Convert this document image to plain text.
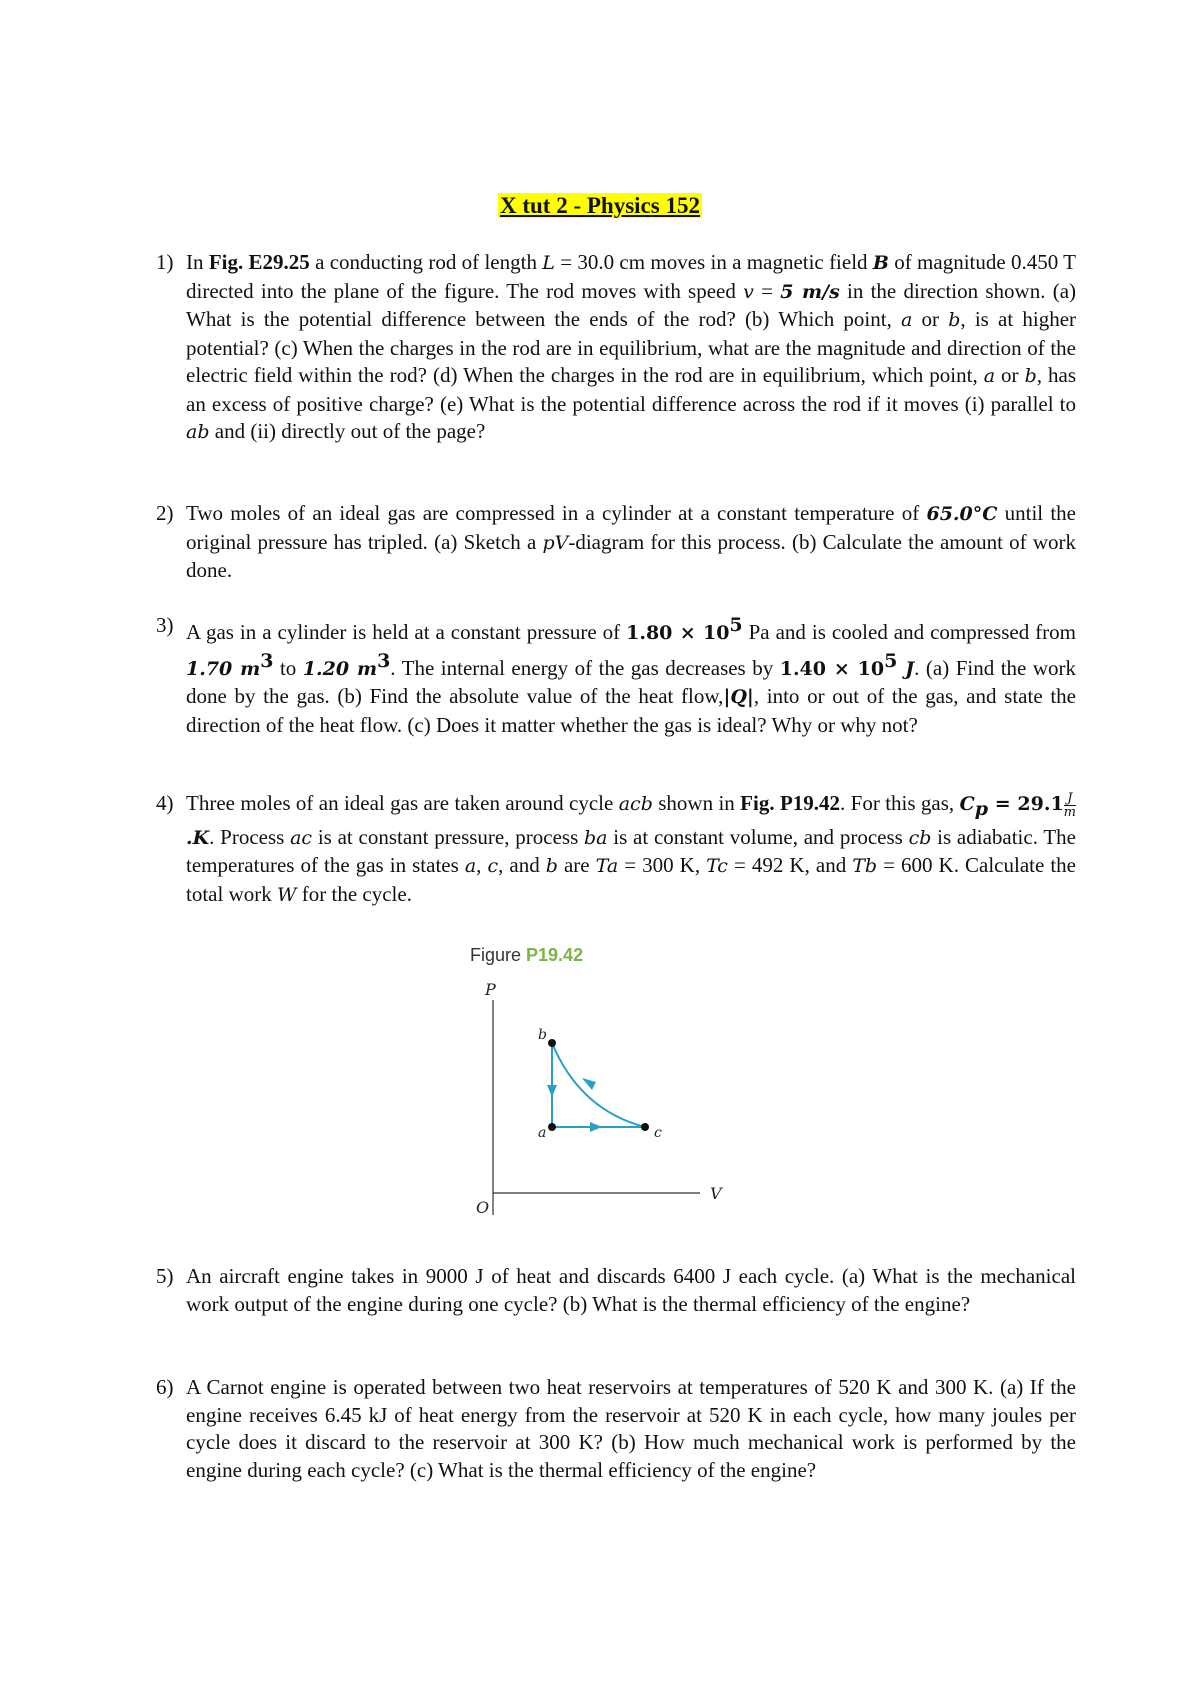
X tut 2 - Physics 152
1) In Fig. E29.25 a conducting rod of length L = 30.0 cm moves in a magnetic field B of magnitude 0.450 T directed into the plane of the figure. The rod moves with speed v = 5 m/s in the direction shown. (a) What is the potential difference between the ends of the rod? (b) Which point, a or b, is at higher potential? (c) When the charges in the rod are in equilibrium, what are the magnitude and direction of the electric field within the rod? (d) When the charges in the rod are in equilibrium, which point, a or b, has an excess of positive charge? (e) What is the potential difference across the rod if it moves (i) parallel to ab and (ii) directly out of the page?
2) Two moles of an ideal gas are compressed in a cylinder at a constant temperature of 65.0°C until the original pressure has tripled. (a) Sketch a pV-diagram for this process. (b) Calculate the amount of work done.
3) A gas in a cylinder is held at a constant pressure of $1.80 \times 10^5$ Pa and is cooled and compressed from 1.70 $m^3$ to 1.20 $m^3$. The internal energy of the gas decreases by $1.40 \times 10^5$ J. (a) Find the work done by the gas. (b) Find the absolute value of the heat flow,|Q|, into or out of the gas, and state the direction of the heat flow. (c) Does it matter whether the gas is ideal? Why or why not?
4) Three moles of an ideal gas are taken around cycle acb shown in Fig. P19.42. For this gas, $C_p = 29.1 \frac{J}{m}$
.K. Process ac is at constant pressure, process ba is at constant volume, and process cb is adiabatic. The temperatures of the gas in states a, c, and b are Ta = 300 K, Tc = 492 K, and Tb = 600 K. Calculate the total work W for the cycle.
Figure P19.42
P
V
O
b
a	c
5) An aircraft engine takes in 9000 J of heat and discards 6400 J each cycle. (a) What is the mechanical work output of the engine during one cycle? (b) What is the thermal efficiency of the engine?
6) A Carnot engine is operated between two heat reservoirs at temperatures of 520 K and 300 K. (a) If the engine receives 6.45 kJ of heat energy from the reservoir at 520 K in each cycle, how many joules per cycle does it discard to the reservoir at 300 K? (b) How much mechanical work is performed by the engine during each cycle? (c) What is the thermal efficiency of the engine?
